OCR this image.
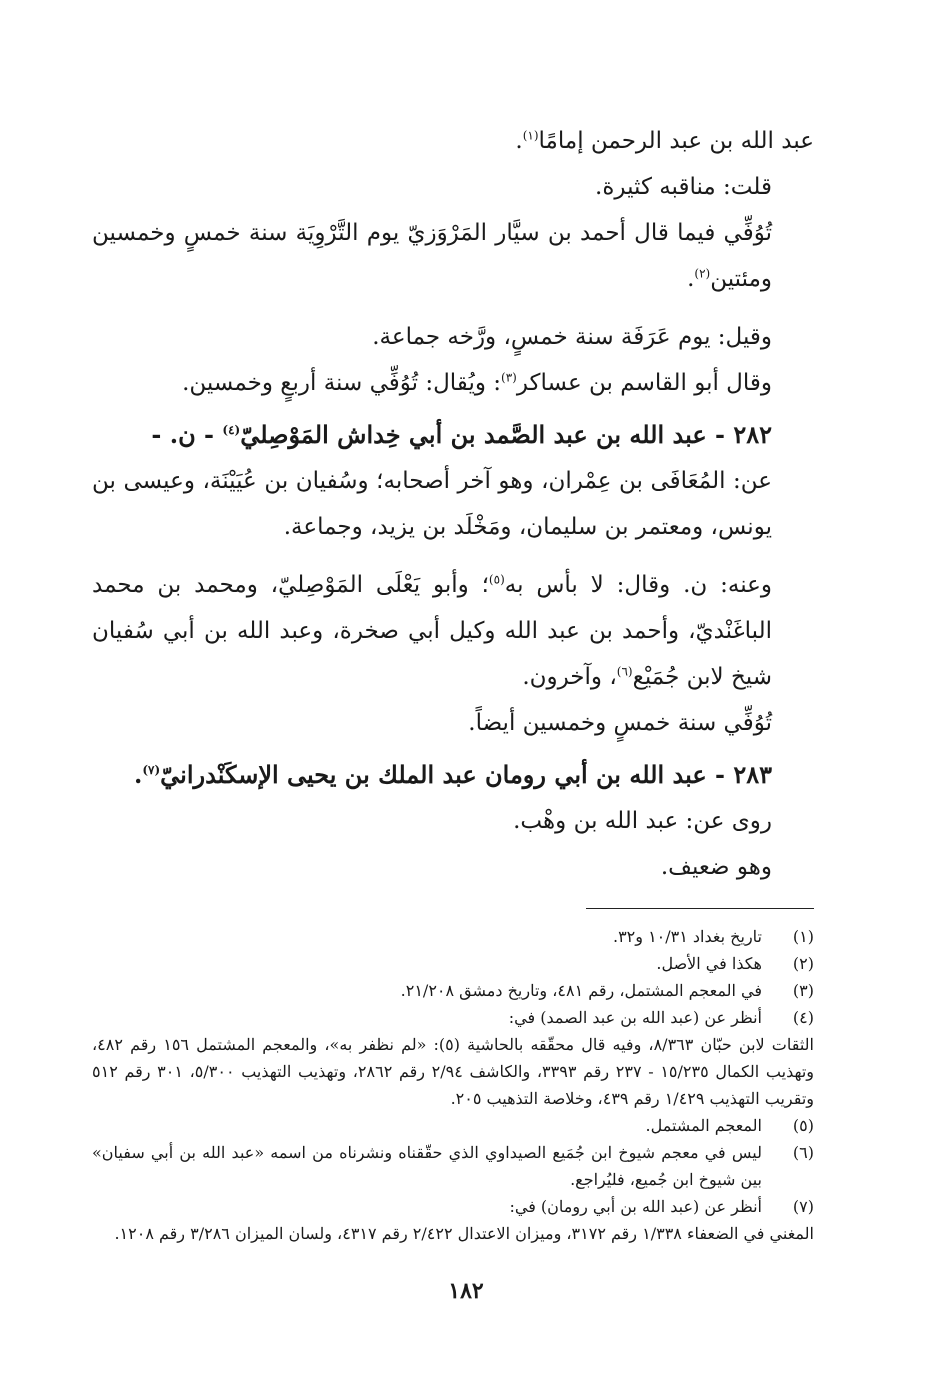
عبد الله بن عبد الرحمن إمامًا$^{(١)}$.

قلت: مناقبه كثيرة.

تُوُفِّي فيما قال أحمد بن سيَّار المَرْوَزيّ يوم التَّرْوِيَة سنة خمسٍ وخمسين ومئتين$^{(٢)}$.

وقيل: يوم عَرَفَة سنة خمسٍ، ورَّخه جماعة.

وقال أبو القاسم بن عساكر$^{(٣)}$: ويُقال: تُوُفِّي سنة أربعٍ وخمسين.

٢٨٢ - عبد الله بن عبد الصَّمد بن أبي خِداش المَوْصِليّ$^{(٤)}$ - ن. -

عن: المُعَافَى بن عِمْران، وهو آخر أصحابه؛ وسُفيان بن عُيَيْنَة، وعيسى بن يونس، ومعتمر بن سليمان، ومَخْلَد بن يزيد، وجماعة.

وعنه: ن. وقال: لا بأس به$^{(٥)}$؛ وأبو يَعْلَى المَوْصِليّ، ومحمد بن محمد الباغَنْديّ، وأحمد بن عبد الله وكيل أبي صخرة، وعبد الله بن أبي سُفيان شيخ لابن جُمَيْع$^{(٦)}$، وآخرون.

تُوُفِّي سنة خمسٍ وخمسين أيضاً.

٢٨٣ - عبد الله بن أبي رومان عبد الملك بن يحيى الإسكَنْدرانيّ$^{(٧)}$.

روى عن: عبد الله بن وهْب.

وهو ضعيف.

(١)
تاريخ بغداد ١٠/٣١ و٣٢.
(٢)
هكذا في الأصل.
(٣)
في المعجم المشتمل، رقم ٤٨١، وتاريخ دمشق ٢١/٢٠٨.
(٤)
أنظر عن (عبد الله بن عبد الصمد) في:

الثقات لابن حبّان ٨/٣٦٣، وفيه قال محقّقه بالحاشية (٥): «لم نظفر به»، والمعجم المشتمل ١٥٦ رقم ٤٨٢، وتهذيب الكمال ١٥/٢٣٥ - ٢٣٧ رقم ٣٣٩٣، والكاشف ٢/٩٤ رقم ٢٨٦٢، وتهذيب التهذيب ٥/٣٠٠، ٣٠١ رقم ٥١٢ وتقريب التهذيب ١/٤٢٩ رقم ٤٣٩، وخلاصة التذهيب ٢٠٥.

(٥)
المعجم المشتمل.
(٦)
ليس في معجم شيوخ ابن جُمَيع الصيداوي الذي حقّقناه ونشرناه من اسمه «عبد الله بن أبي سفيان» بين شيوخ ابن جُميع، فليُراجع.
(٧)
أنظر عن (عبد الله بن أبي رومان) في:

المغني في الضعفاء ١/٣٣٨ رقم ٣١٧٢، وميزان الاعتدال ٢/٤٢٢ رقم ٤٣١٧، ولسان الميزان ٣/٢٨٦ رقم ١٢٠٨.

١٨٢
